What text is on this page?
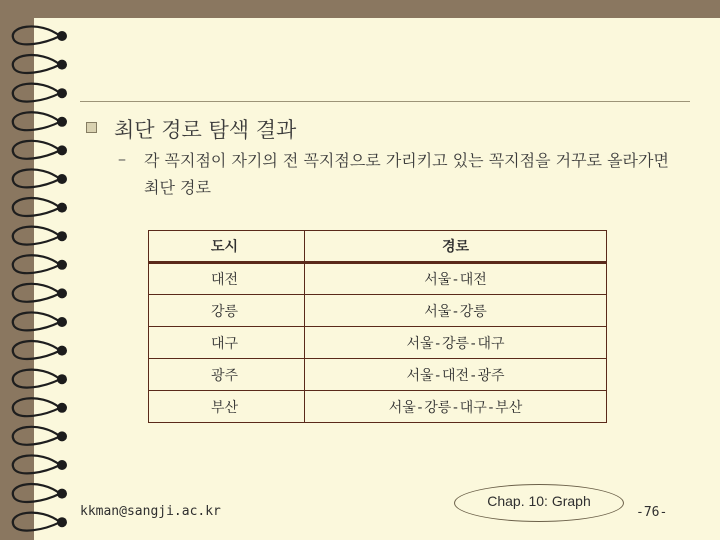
최단 경로 탐색 결과
– 각 꼭지점이 자기의 전 꼭지점으로 가리키고 있는 꼭지점을 거꾸로 올라가면 최단 경로
도시	경로
대전	서울-대전
강릉	서울-강릉
대구	서울-강릉-대구
광주	서울-대전-광주
부산	서울-강릉-대구-부산
kkman@sangji.ac.kr
Chap. 10: Graph
-76-
